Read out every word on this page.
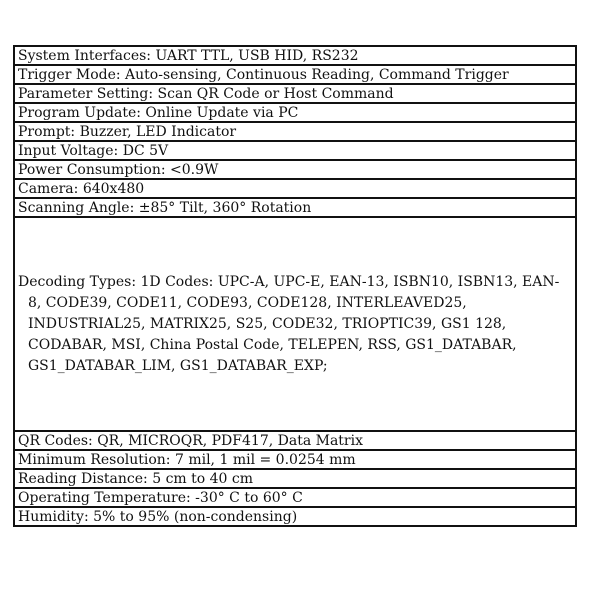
System Interfaces: UART TTL, USB HID, RS232
Trigger Mode: Auto-sensing, Continuous Reading, Command Trigger
Parameter Setting: Scan QR Code or Host Command
Program Update: Online Update via PC
Prompt: Buzzer, LED Indicator
Input Voltage: DC 5V
Power Consumption: <0.9W
Camera: 640x480
Scanning Angle: ±85° Tilt, 360° Rotation

Decoding Types: 1D Codes: UPC-A, UPC-E, EAN-13, ISBN10, ISBN13, EAN-8, CODE39, CODE11, CODE93, CODE128, INTERLEAVED25, INDUSTRIAL25, MATRIX25, S25, CODE32, TRIOPTIC39, GS1 128, CODABAR, MSI, China Postal Code, TELEPEN, RSS, GS1_DATABAR, GS1_DATABAR_LIM, GS1_DATABAR_EXP;

QR Codes: QR, MICROQR, PDF417, Data Matrix
Minimum Resolution: 7 mil, 1 mil = 0.0254 mm
Reading Distance: 5 cm to 40 cm
Operating Temperature: -30° C to 60° C
Humidity: 5% to 95% (non-condensing)
